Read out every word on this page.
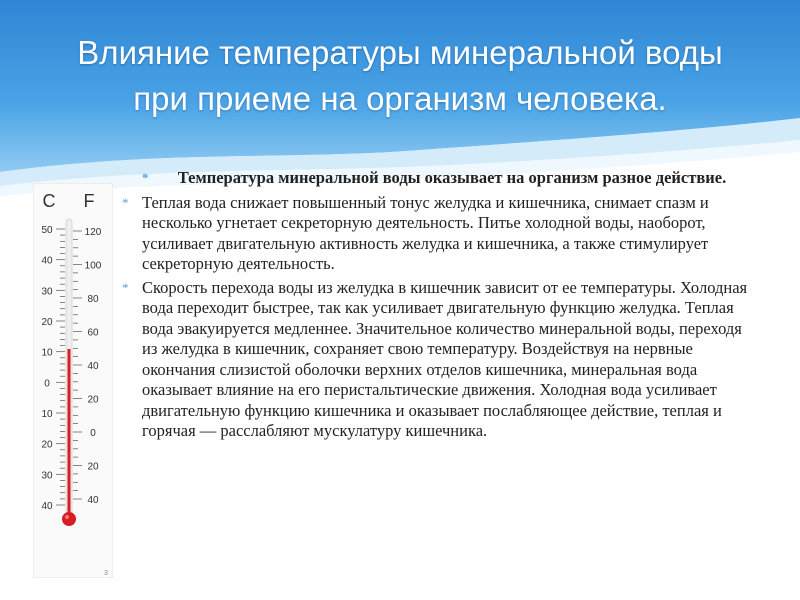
Влияние температуры минеральной воды
при приеме на организм человека.
C F
50
40
30
20
10
0
10
20
30
40
120
100
80
60
40
20
0
20
40

* Температура минеральной воды оказывает на организм разное действие.

* Теплая вода снижает повышенный тонус желудка и кишечника, снимает спазм и несколько угнетает секреторную деятельность. Питье холодной воды, наоборот, усиливает двигательную активность желудка и кишечника, а также стимулирует секреторную деятельность.

* Скорость перехода воды из желудка в кишечник зависит от ее температуры. Холодная вода переходит быстрее, так как усиливает двигательную функцию желудка. Теплая вода эвакуируется медленнее. Значительное количество минеральной воды, переходя из желудка в кишечник, сохраняет свою температуру. Воздействуя на нервные окончания слизистой оболочки верхних отделов кишечника, минеральная вода оказывает влияние на его перистальтические движения. Холодная вода усиливает двигательную функцию кишечника и оказывает послабляющее действие, теплая и горячая — расслабляют мускулатуру кишечника.

3
